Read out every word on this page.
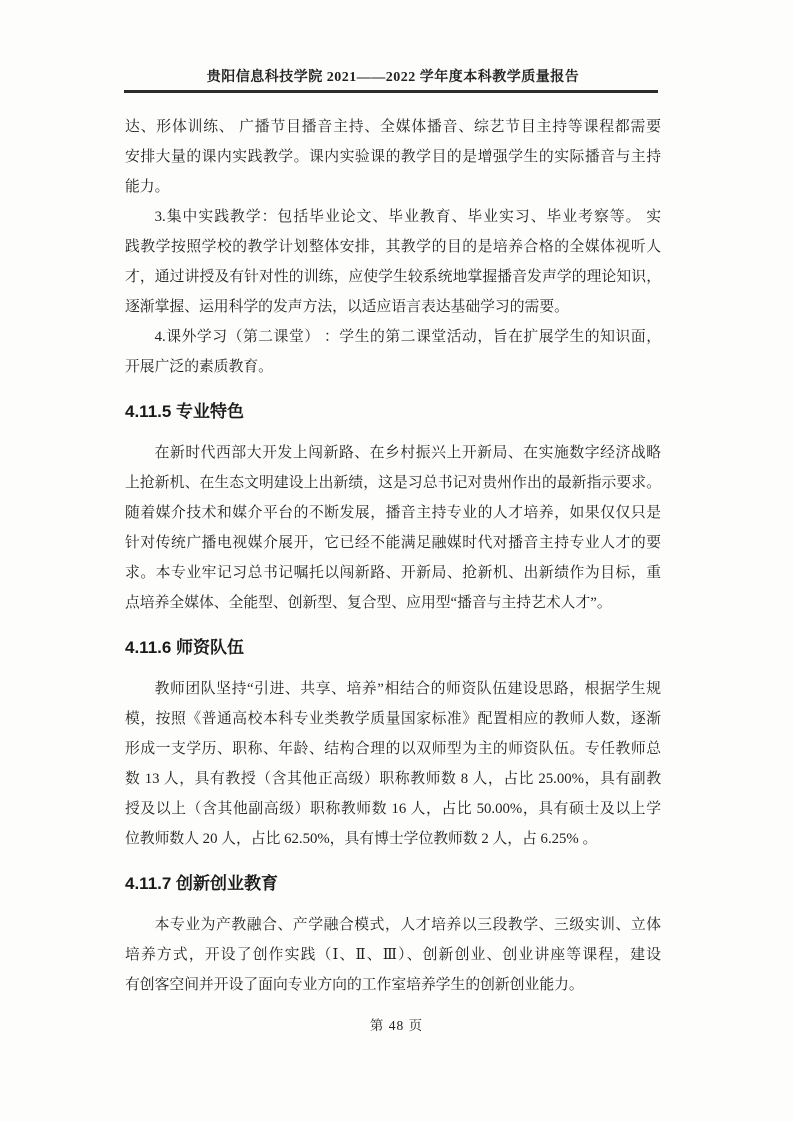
贵阳信息科技学院 2021——2022 学年度本科教学质量报告
达、形体训练、 广播节目播音主持、全媒体播音、综艺节目主持等课程都需要
安排大量的课内实践教学。课内实验课的教学目的是增强学生的实际播音与主持
能力。
3.集中实践教学：包括毕业论文、毕业教育、毕业实习、毕业考察等。 实
践教学按照学校的教学计划整体安排，其教学的目的是培养合格的全媒体视听人
才，通过讲授及有针对性的训练，应使学生较系统地掌握播音发声学的理论知识，
逐渐掌握、运用科学的发声方法，以适应语言表达基础学习的需要。
4.课外学习（第二课堂） ：学生的第二课堂活动，旨在扩展学生的知识面，
开展广泛的素质教育。
4.11.5 专业特色
在新时代西部大开发上闯新路、在乡村振兴上开新局、在实施数字经济战略
上抢新机、在生态文明建设上出新绩，这是习总书记对贵州作出的最新指示要求。
随着媒介技术和媒介平台的不断发展，播音主持专业的人才培养，如果仅仅只是
针对传统广播电视媒介展开，它已经不能满足融媒时代对播音主持专业人才的要
求。本专业牢记习总书记嘱托以闯新路、开新局、抢新机、出新绩作为目标，重
点培养全媒体、全能型、创新型、复合型、应用型“播音与主持艺术人才”。
4.11.6 师资队伍
教师团队坚持“引进、共享、培养”相结合的师资队伍建设思路，根据学生规
模，按照《普通高校本科专业类教学质量国家标准》配置相应的教师人数，逐渐
形成一支学历、职称、年龄、结构合理的以双师型为主的师资队伍。专任教师总
数 13 人，具有教授（含其他正高级）职称教师数 8 人，占比 25.00%，具有副教
授及以上（含其他副高级）职称教师数 16 人，占比 50.00%，具有硕士及以上学
位教师数人 20 人，占比 62.50%，具有博士学位教师数 2 人，占 6.25% 。
4.11.7 创新创业教育
本专业为产教融合、产学融合模式，人才培养以三段教学、三级实训、立体
培养方式，开设了创作实践（Ⅰ、Ⅱ、Ⅲ）、创新创业、创业讲座等课程，建设
有创客空间并开设了面向专业方向的工作室培养学生的创新创业能力。
第 48 页
